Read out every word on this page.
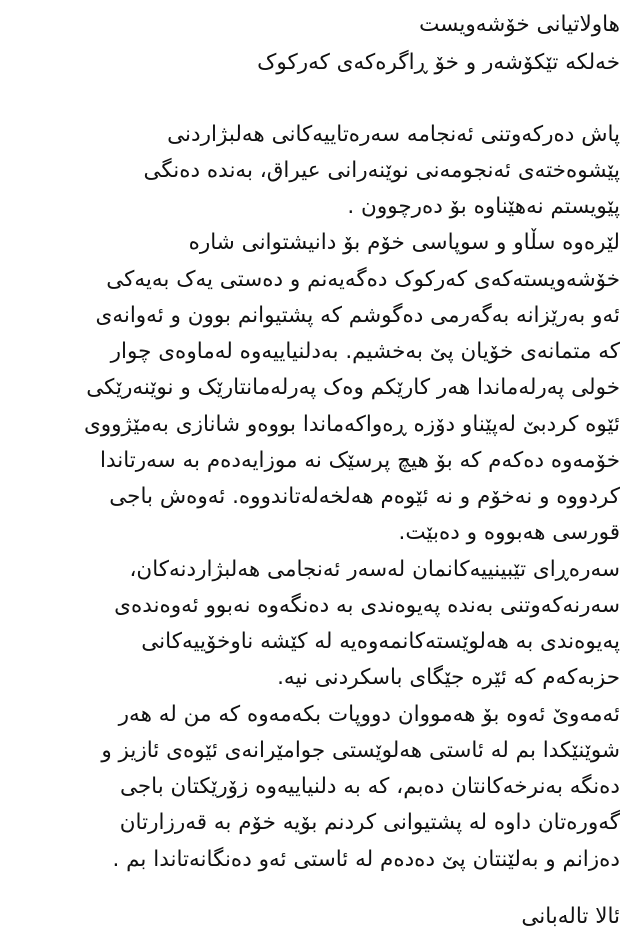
هاولاتیانی خۆشەویست
خەلکە تێکۆشەر و خۆ ڕاگرەکەی کەرکوک
پاش دەرکەوتنی ئەنجامە سەرەتاییەکانی هەلبژاردنی
پێشوەختەی ئەنجومەنی نوێنەرانی عیراق، بەندە دەنگی
پێویستم نەهێناوە بۆ دەرچوون .
لێرەوە سڵاو و سوپاسی خۆم بۆ دانیشتوانی شارە
خۆشەویستەکەی کەرکوک دەگەیەنم و دەستی یەک بەیەکی
ئەو بەرێزانە بەگەرمی دەگوشم کە پشتیوانم بوون و ئەوانەی
کە متمانەی خۆیان پێ بەخشیم. بەدلنیاییەوە لەماوەی چوار
خولی پەرلەماندا هەر کارێکم وەک پەرلەمانتارێک و نوێنەرێکی
ئێوە کردبێ لەپێناو دۆزە ڕەواکەماندا بووەو شانازی بەمێژووی
خۆمەوە دەکەم کە بۆ هیچ پرسێک نە موزایەدەم بە سەرتاندا
کردووە و نەخۆم و نە ئێوەم هەلخەلەتاندووە. ئەوەش باجی
قورسی هەبووە و دەبێت.
سەرەڕای تێبینییەکانمان لەسەر ئەنجامی هەلبژاردنەکان،
سەرنەکەوتنی بەندە پەیوەندی بە دەنگەوە نەبوو ئەوەندەی
پەیوەندی بە هەلوێستەکانمەوەیە لە کێشە ناوخۆییەکانی
حزبەکەم کە ئێرە جێگای باسکردنی نیە.
ئەمەوێ ئەوە بۆ هەمووان دووپات بکەمەوە کە من لە هەر
شوێنێکدا بم لە ئاستی هەلوێستی جوامێرانەی ئێوەی ئازیز و
دەنگە بەنرخەکانتان دەبم، کە بە دلنیاییەوە زۆرێکتان باجی
گەورەتان داوە لە پشتیوانی کردنم بۆیە خۆم بە قەرزارتان
دەزانم و بەلێنتان پێ دەدەم لە ئاستی ئەو دەنگانەتاندا بم .
ئالا تالەبانی
